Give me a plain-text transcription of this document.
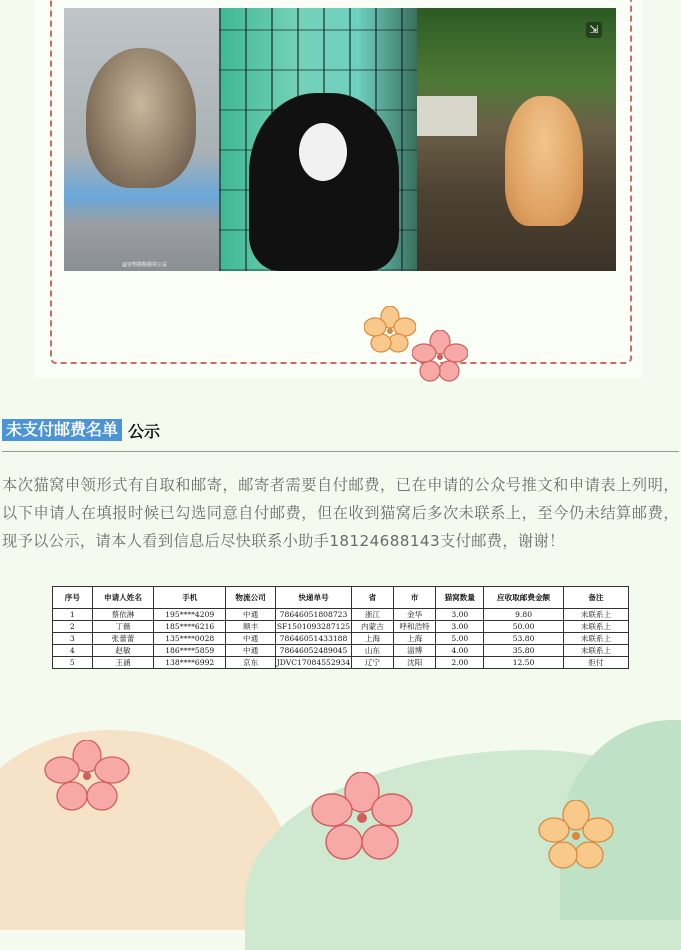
@宠物猫粮猫窝公益
⇲
未支付邮费名单 公示

本次猫窝申领形式有自取和邮寄，邮寄者需要自付邮费，已在申请的公众号推文和申请表上列明，以下申请人在填报时候已勾选同意自付邮费，但在收到猫窝后多次未联系上，至今仍未结算邮费，现予以公示，请本人看到信息后尽快联系小助手18124688143支付邮费，谢谢！

序号	申请人姓名	手机	物流公司	快递单号	省	市	猫窝数量	应收取邮费金额	备注
1	蔡依淋	195****4209	中通	78646051808723	浙江	金华	3.00	9.80	未联系上
2	丁薇	185****6216	顺丰	SF1501093287125	内蒙古	呼和浩特	3.00	50.00	未联系上
3	张蕾蕾	135****0028	中通	78646051433188	上海	上海	5.00	53.80	未联系上
4	赵敏	186****5859	中通	78646052489045	山东	淄博	4.00	35.80	未联系上
5	王涵	138****6992	京东	JDVC17084552934	辽宁	沈阳	2.00	12.50	拒付
